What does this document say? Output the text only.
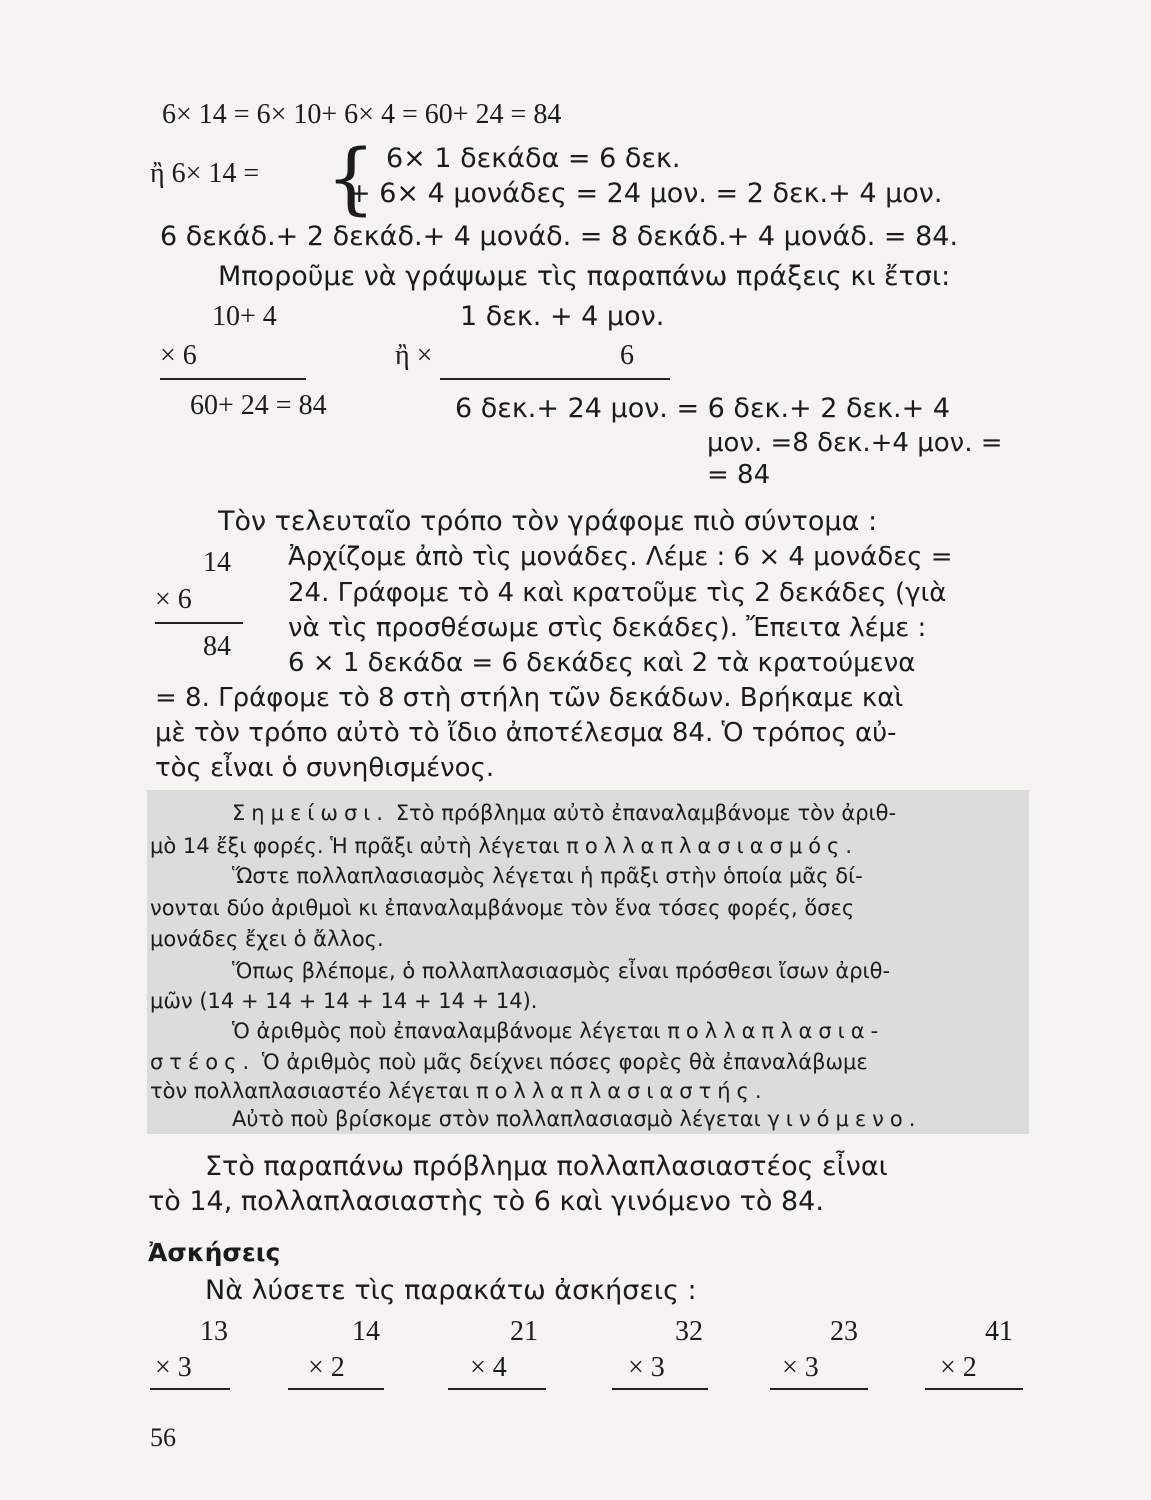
6× 14 = 6× 10+ 6× 4 = 60+ 24 = 84
ἢ 6× 14 = { 6× 1 δεκάδα = 6 δεκ.
+ 6× 4 μονάδες = 24 μον. = 2 δεκ.+ 4 μον.
6 δεκάδ.+ 2 δεκάδ.+ 4 μονάδ. = 8 δεκάδ.+ 4 μονάδ. = 84.
Μποροῦμε νὰ γράψωμε τὶς παραπάνω πράξεις κι ἔτσι:
10+ 4
× 6
60+ 24 = 84
1 δεκ. + 4 μον.
ἢ ×	6
6 δεκ.+ 24 μον. = 6 δεκ.+ 2 δεκ.+ 4
μον. =8 δεκ.+4 μον. =
= 84
Τὸν τελευταῖο τρόπο τὸν γράφομε πιὸ σύντομα :
14
× 6
84
Ἀρχίζομε ἀπὸ τὶς μονάδες. Λέμε : 6 × 4 μονάδες =
24. Γράφομε τὸ 4 καὶ κρατοῦμε τὶς 2 δεκάδες (γιὰ
νὰ τὶς προσθέσωμε στὶς δεκάδες). Ἔπειτα λέμε :
6 × 1 δεκάδα = 6 δεκάδες καὶ 2 τὰ κρατούμενα
= 8. Γράφομε τὸ 8 στὴ στήλη τῶν δεκάδων. Βρήκαμε καὶ
μὲ τὸν τρόπο αὐτὸ τὸ ἴδιο ἀποτέλεσμα 84. Ὁ τρόπος αὐ-
τὸς εἶναι ὁ συνηθισμένος.
Σημείωσι. Στὸ πρόβλημα αὐτὸ ἐπαναλαμβάνομε τὸν ἀριθ-
μὸ 14 ἔξι φορές. Ἡ πρᾶξι αὐτὴ λέγεται πολλαπλασιασμός.
Ὥστε πολλαπλασιασμὸς λέγεται ἡ πρᾶξι στὴν ὁποία μᾶς δί-
νονται δύο ἀριθμοὶ κι ἐπαναλαμβάνομε τὸν ἕνα τόσες φορές, ὅσες
μονάδες ἔχει ὁ ἄλλος.
Ὅπως βλέπομε, ὁ πολλαπλασιασμὸς εἶναι πρόσθεσι ἴσων ἀριθ-
μῶν (14 + 14 + 14 + 14 + 14 + 14).
Ὁ ἀριθμὸς ποὺ ἐπαναλαμβάνομε λέγεται πολλαπλασια-
στέος. Ὁ ἀριθμὸς ποὺ μᾶς δείχνει πόσες φορὲς θὰ ἐπαναλάβωμε
τὸν πολλαπλασιαστέο λέγεται πολλαπλασιαστής.
Αὐτὸ ποὺ βρίσκομε στὸν πολλαπλασιασμὸ λέγεται γινόμενο.
Στὸ παραπάνω πρόβλημα πολλαπλασιαστέος εἶναι
τὸ 14, πολλαπλασιαστὴς τὸ 6 καὶ γινόμενο τὸ 84.
Ἀσκήσεις
Νὰ λύσετε τὶς παρακάτω ἀσκήσεις :
13
× 3
14
× 2
21
× 4
32
× 3
23
× 3
41
× 2
56
